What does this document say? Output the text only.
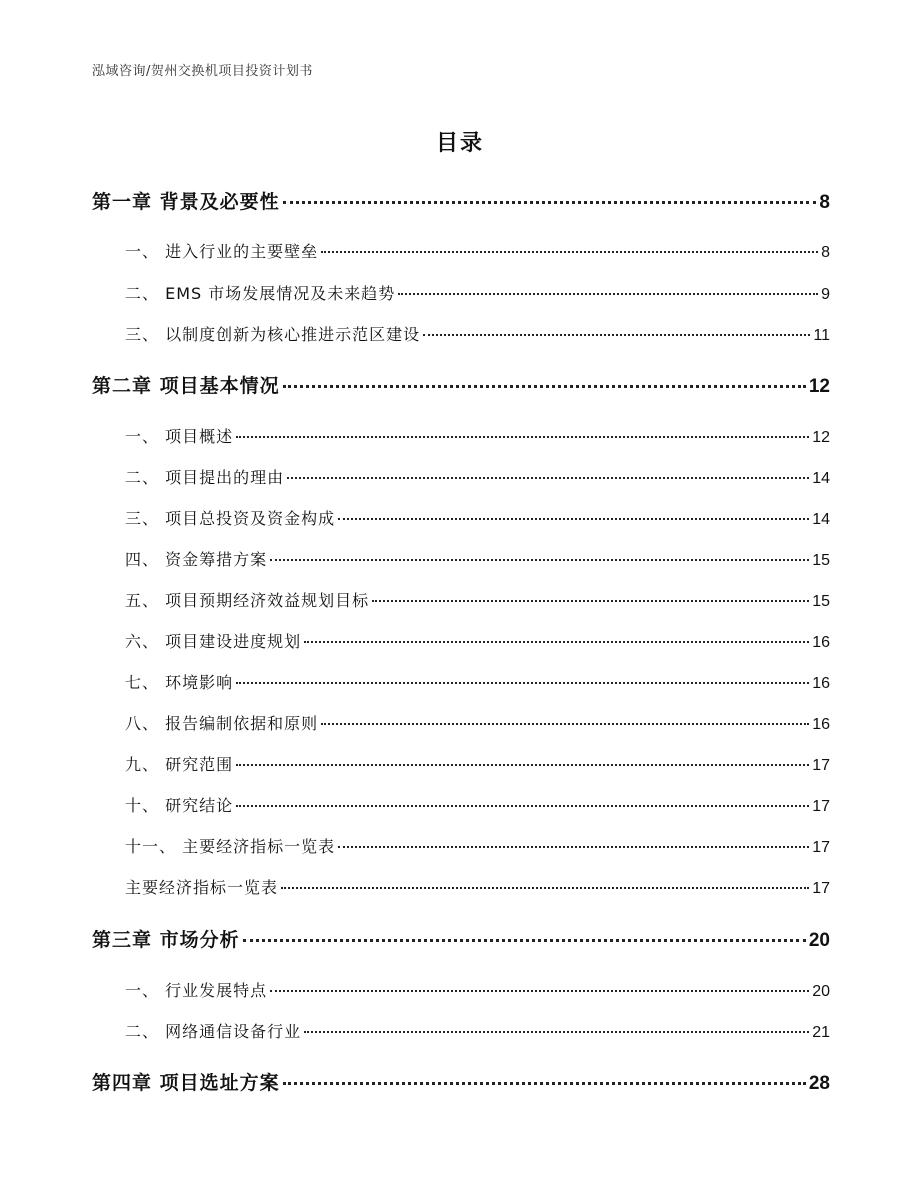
泓域咨询/贺州交换机项目投资计划书
目录
第一章 背景及必要性	8
一、 进入行业的主要壁垒	8
二、 EMS 市场发展情况及未来趋势	9
三、 以制度创新为核心推进示范区建设	11
第二章 项目基本情况	12
一、 项目概述	12
二、 项目提出的理由	14
三、 项目总投资及资金构成	14
四、 资金筹措方案	15
五、 项目预期经济效益规划目标	15
六、 项目建设进度规划	16
七、 环境影响	16
八、 报告编制依据和原则	16
九、 研究范围	17
十、 研究结论	17
十一、 主要经济指标一览表	17
主要经济指标一览表	17
第三章 市场分析	20
一、 行业发展特点	20
二、 网络通信设备行业	21
第四章 项目选址方案	28
